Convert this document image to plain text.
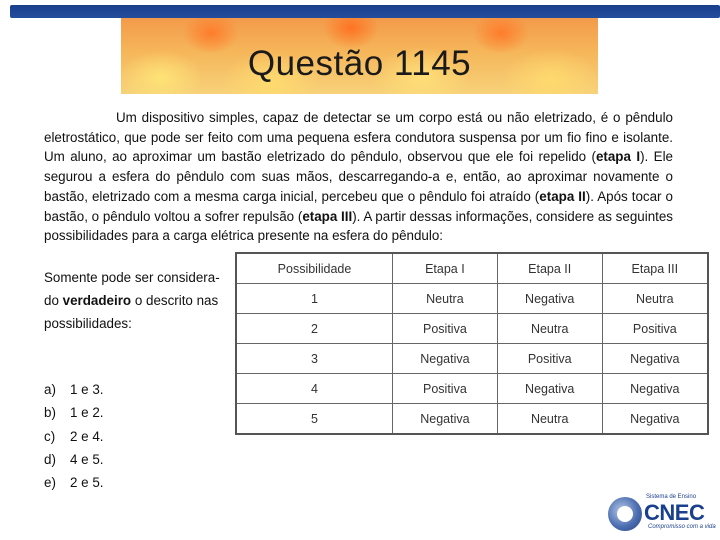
Questão 1145
Um dispositivo simples, capaz de detectar se um corpo está ou não eletrizado, é o pêndulo eletrostático, que pode ser feito com uma pequena esfera condutora suspensa por um fio fino e isolante. Um aluno, ao aproximar um bastão eletrizado do pêndulo, observou que ele foi repelido (etapa I). Ele segurou a esfera do pêndulo com suas mãos, descarregando-a e, então, ao aproximar novamente o bastão, eletrizado com a mesma carga inicial, percebeu que o pêndulo foi atraído (etapa II). Após tocar o bastão, o pêndulo voltou a sofrer repulsão (etapa III). A partir dessas informações, considere as seguintes possibilidades para a carga elétrica presente na esfera do pêndulo:
Somente pode ser considera-
do verdadeiro o descrito nas
possibilidades:
Possibilidade	Etapa I	Etapa II	Etapa III
1	Neutra	Negativa	Neutra
2	Positiva	Neutra	Positiva
3	Negativa	Positiva	Negativa
4	Positiva	Negativa	Negativa
5	Negativa	Neutra	Negativa
a)	1 e 3.
b)	1 e 2.
c)	2 e 4.
d)	4 e 5.
e)	2 e 5.
Sistema de Ensino
CNEC
Compromisso com a vida
